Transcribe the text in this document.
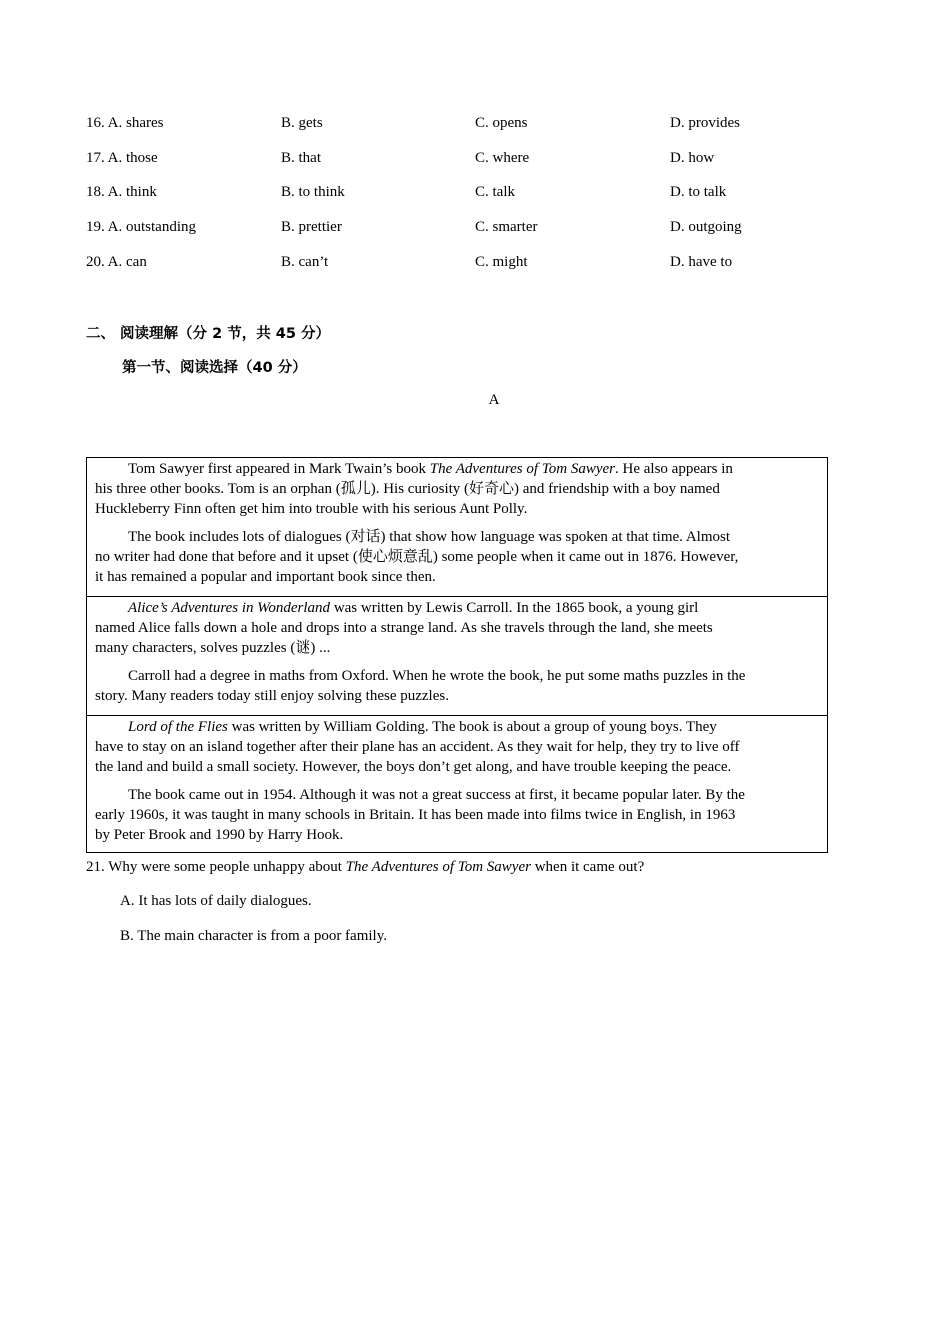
16. A. shares	B. gets	C. opens	D. provides
17. A. those	B. that	C. where	D. how
18. A. think	B. to think	C. talk	D. to talk
19. A. outstanding	B. prettier	C. smarter	D. outgoing
20. A. can	B. can’t	C. might	D. have to
二、 阅读理解（分 2 节，共 45 分）
第一节、阅读选择（40 分）
A

Tom Sawyer first appeared in Mark Twain’s book The Adventures of Tom Sawyer. He also appears in
his three other books. Tom is an orphan (孤儿). His curiosity (好奇心) and friendship with a boy named
Huckleberry Finn often get him into trouble with his serious Aunt Polly.

The book includes lots of dialogues (对话) that show how language was spoken at that time. Almost
no writer had done that before and it upset (使心烦意乱) some people when it came out in 1876. However,
it has remained a popular and important book since then.

Alice’s Adventures in Wonderland was written by Lewis Carroll. In the 1865 book, a young girl
named Alice falls down a hole and drops into a strange land. As she travels through the land, she meets
many characters, solves puzzles (谜) ...

Carroll had a degree in maths from Oxford. When he wrote the book, he put some maths puzzles in the
story. Many readers today still enjoy solving these puzzles.

Lord of the Flies was written by William Golding. The book is about a group of young boys. They
have to stay on an island together after their plane has an accident. As they wait for help, they try to live off
the land and build a small society. However, the boys don’t get along, and have trouble keeping the peace.

The book came out in 1954. Although it was not a great success at first, it became popular later. By the
early 1960s, it was taught in many schools in Britain. It has been made into films twice in English, in 1963
by Peter Brook and 1990 by Harry Hook.

21. Why were some people unhappy about The Adventures of Tom Sawyer when it came out?
A. It has lots of daily dialogues.
B. The main character is from a poor family.
